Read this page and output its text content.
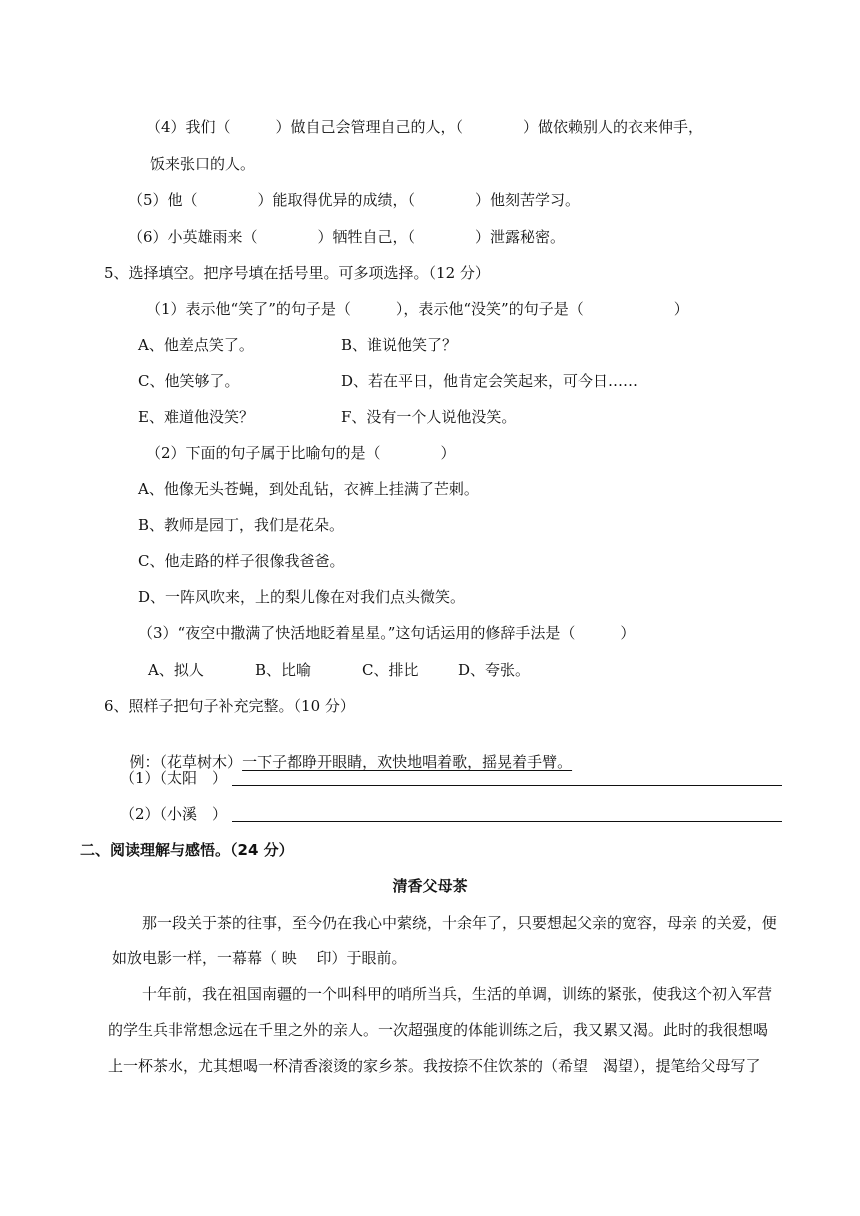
（4）我们（　　　）做自己会管理自己的人，（　　　　）做依赖别人的衣来伸手，
饭来张口的人。
（5）他（　　　　）能取得优异的成绩，（　　　　）他刻苦学习。
（6）小英雄雨来（　　　　）牺牲自己，（　　　　）泄露秘密。
5、选择填空。把序号填在括号里。可多项选择。（12 分）
（1）表示他“笑了”的句子是（　　　），表示他“没笑”的句子是（　　　　　　）
A、他差点笑了。	B、谁说他笑了？
C、他笑够了。	D、若在平日，他肯定会笑起来，可今日……
E、难道他没笑？	F、没有一个人说他没笑。
（2）下面的句子属于比喻句的是（　　　　）
A、他像无头苍蝇，到处乱钻，衣裤上挂满了芒刺。
B、教师是园丁，我们是花朵。
C、他走路的样子很像我爸爸。
D、一阵风吹来，上的梨儿像在对我们点头微笑。
（3）“夜空中撒满了快活地眨着星星。”这句话运用的修辞手法是（　　　）
A、拟人	B、比喻	C、排比	D、夸张。
6、照样子把句子补充完整。（10 分）

例：（花草树木）一下子都睁开眼睛，欢快地唱着歌，摇晃着手臂。

（1）（太阳　）
（2）（小溪　）
二、阅读理解与感悟。（24 分）
清香父母茶
那一段关于茶的往事，至今仍在我心中萦绕，十余年了，只要想起父亲的宽容，母亲 的关爱，便
如放电影一样，一幕幕（ 映　 印）于眼前。
十年前，我在祖国南疆的一个叫科甲的哨所当兵，生活的单调，训练的紧张，使我这个初入军营
的学生兵非常想念远在千里之外的亲人。一次超强度的体能训练之后，我又累又渴。此时的我很想喝
上一杯茶水，尤其想喝一杯清香滚烫的家乡茶。我按捺不住饮茶的（希望　渴望），提笔给父母写了
